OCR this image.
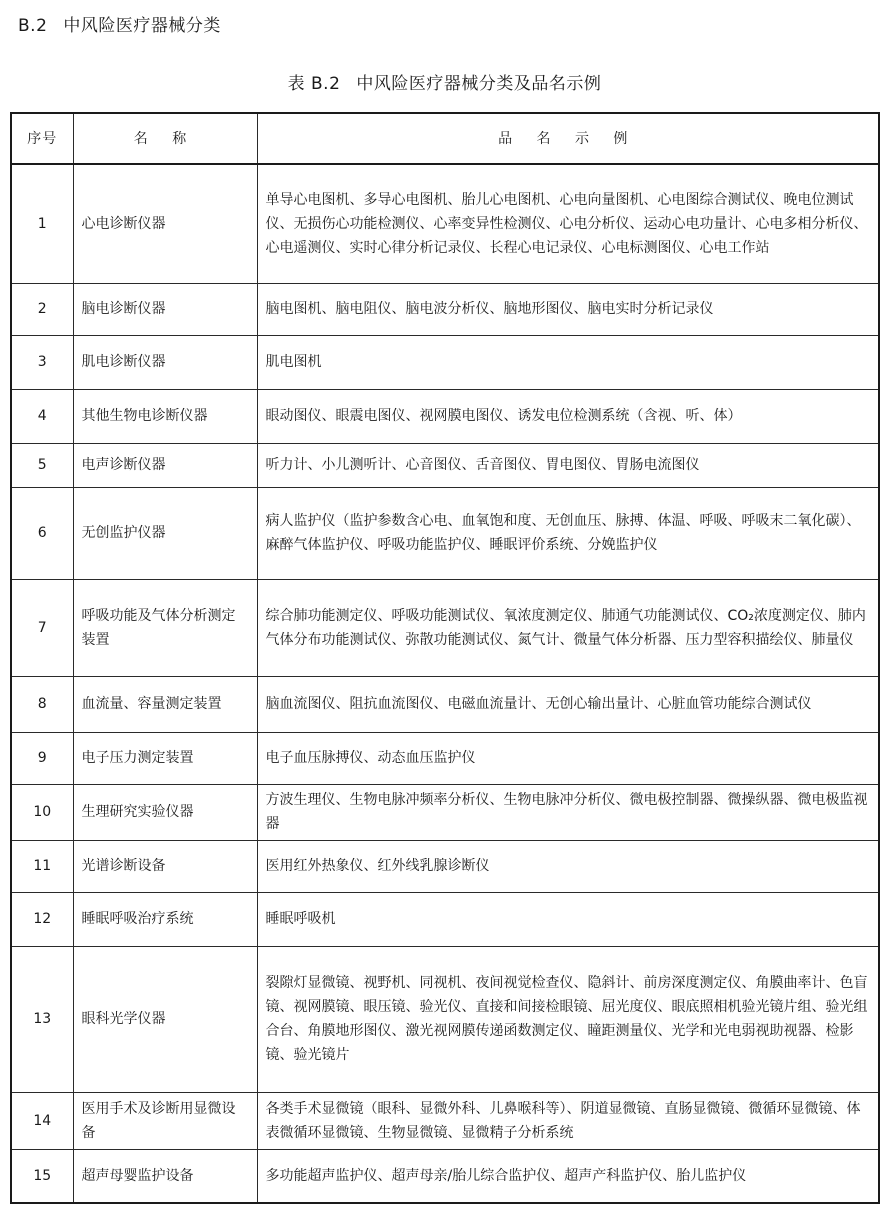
B.2 中风险医疗器械分类
表 B.2 中风险医疗器械分类及品名示例
序号	名 称	品 名 示 例
1	心电诊断仪器	单导心电图机、多导心电图机、胎儿心电图机、心电向量图机、心电图综合测试仪、晚电位测试仪、无损伤心功能检测仪、心率变异性检测仪、心电分析仪、运动心电功量计、心电多相分析仪、心电遥测仪、实时心律分析记录仪、长程心电记录仪、心电标测图仪、心电工作站
2	脑电诊断仪器	脑电图机、脑电阻仪、脑电波分析仪、脑地形图仪、脑电实时分析记录仪
3	肌电诊断仪器	肌电图机
4	其他生物电诊断仪器	眼动图仪、眼震电图仪、视网膜电图仪、诱发电位检测系统（含视、听、体）
5	电声诊断仪器	听力计、小儿测听计、心音图仪、舌音图仪、胃电图仪、胃肠电流图仪
6	无创监护仪器	病人监护仪（监护参数含心电、血氧饱和度、无创血压、脉搏、体温、呼吸、呼吸末二氧化碳）、麻醉气体监护仪、呼吸功能监护仪、睡眠评价系统、分娩监护仪
7	呼吸功能及气体分析测定装置	综合肺功能测定仪、呼吸功能测试仪、氧浓度测定仪、肺通气功能测试仪、CO₂浓度测定仪、肺内气体分布功能测试仪、弥散功能测试仪、氮气计、微量气体分析器、压力型容积描绘仪、肺量仪
8	血流量、容量测定装置	脑血流图仪、阻抗血流图仪、电磁血流量计、无创心输出量计、心脏血管功能综合测试仪
9	电子压力测定装置	电子血压脉搏仪、动态血压监护仪
10	生理研究实验仪器	方波生理仪、生物电脉冲频率分析仪、生物电脉冲分析仪、微电极控制器、微操纵器、微电极监视器
11	光谱诊断设备	医用红外热象仪、红外线乳腺诊断仪
12	睡眠呼吸治疗系统	睡眠呼吸机
13	眼科光学仪器	裂隙灯显微镜、视野机、同视机、夜间视觉检查仪、隐斜计、前房深度测定仪、角膜曲率计、色盲镜、视网膜镜、眼压镜、验光仪、直接和间接检眼镜、屈光度仪、眼底照相机验光镜片组、验光组合台、角膜地形图仪、激光视网膜传递函数测定仪、瞳距测量仪、光学和光电弱视助视器、检影镜、验光镜片
14	医用手术及诊断用显微设备	各类手术显微镜（眼科、显微外科、儿鼻喉科等）、阴道显微镜、直肠显微镜、微循环显微镜、体表微循环显微镜、生物显微镜、显微精子分析系统
15	超声母婴监护设备	多功能超声监护仪、超声母亲/胎儿综合监护仪、超声产科监护仪、胎儿监护仪
